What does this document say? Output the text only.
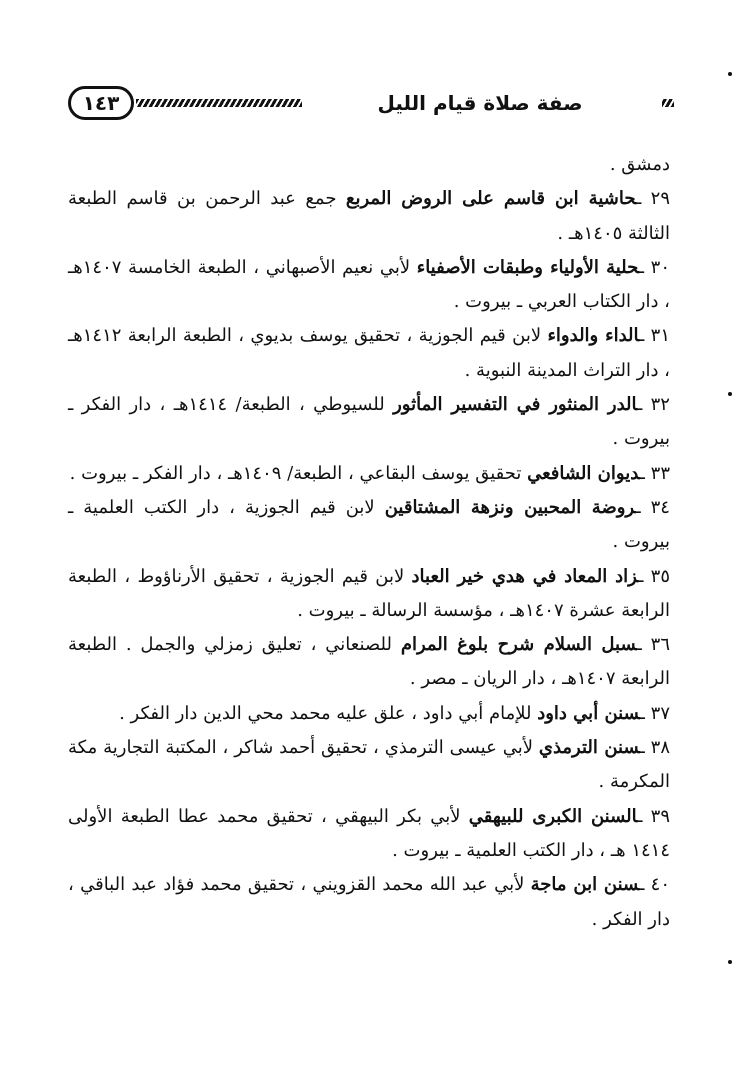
١٤٣	صفة صلاة قيام الليل

دمشق .

٢٩ ـحاشية ابن قاسم على الروض المربع جمع عبد الرحمن بن قاسم الطبعة الثالثة ١٤٠٥هـ .

٣٠ ـحلية الأولياء وطبقات الأصفياء لأبي نعيم الأصبهاني ، الطبعة الخامسة ١٤٠٧هـ ، دار الكتاب العربي ـ بيروت .

٣١ ـالداء والدواء لابن قيم الجوزية ، تحقيق يوسف بديوي ، الطبعة الرابعة ١٤١٢هـ ، دار التراث المدينة النبوية .

٣٢ ـالدر المنثور في التفسير المأثور للسيوطي ، الطبعة/ ١٤١٤هـ ، دار الفكر ـ بيروت .

٣٣ ـديوان الشافعي تحقيق يوسف البقاعي ، الطبعة/ ١٤٠٩هـ ، دار الفكر ـ بيروت .

٣٤ ـروضة المحبين ونزهة المشتاقين لابن قيم الجوزية ، دار الكتب العلمية ـ بيروت .

٣٥ ـزاد المعاد في هدي خير العباد لابن قيم الجوزية ، تحقيق الأرناؤوط ، الطبعة الرابعة عشرة ١٤٠٧هـ ، مؤسسة الرسالة ـ بيروت .

٣٦ ـسبل السلام شرح بلوغ المرام للصنعاني ، تعليق زمزلي والجمل . الطبعة الرابعة ١٤٠٧هـ ، دار الريان ـ مصر .

٣٧ ـسنن أبي داود للإمام أبي داود ، علق عليه محمد محي الدين دار الفكر .

٣٨ ـسنن الترمذي لأبي عيسى الترمذي ، تحقيق أحمد شاكر ، المكتبة التجارية مكة المكرمة .

٣٩ ـالسنن الكبرى للبيهقي لأبي بكر البيهقي ، تحقيق محمد عطا الطبعة الأولى ١٤١٤ هـ ، دار الكتب العلمية ـ بيروت .

٤٠ ـسنن ابن ماجة لأبي عبد الله محمد القزويني ، تحقيق محمد فؤاد عبد الباقي ، دار الفكر .
